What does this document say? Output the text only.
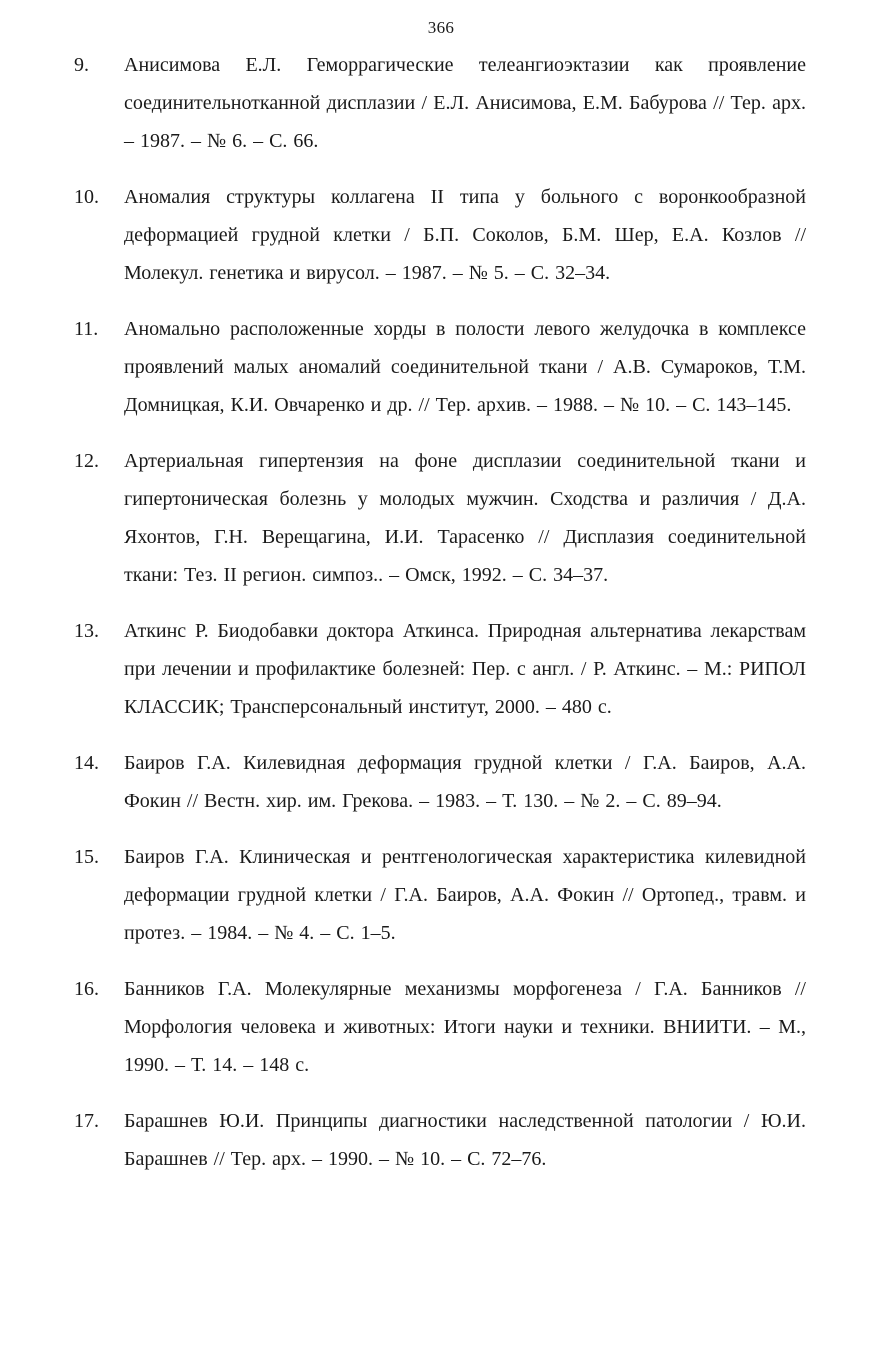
366
9. Анисимова Е.Л. Геморрагические телеангиоэктазии как проявление соединительнотканной дисплазии / Е.Л. Анисимова, Е.М. Бабурова // Тер. арх. – 1987. – № 6. – С. 66.
10. Аномалия структуры коллагена II типа у больного с воронкообразной деформацией грудной клетки / Б.П. Соколов, Б.М. Шер, Е.А. Козлов // Молекул. генетика и вирусол. – 1987. – № 5. – С. 32–34.
11. Аномально расположенные хорды в полости левого желудочка в комплексе проявлений малых аномалий соединительной ткани / А.В. Сумароков, Т.М. Домницкая, К.И. Овчаренко и др. // Тер. архив. – 1988. – № 10. – С. 143–145.
12. Артериальная гипертензия на фоне дисплазии соединительной ткани и гипертоническая болезнь у молодых мужчин. Сходства и различия / Д.А. Яхонтов, Г.Н. Верещагина, И.И. Тарасенко // Дисплазия соединительной ткани: Тез. II регион. симпоз.. – Омск, 1992. – С. 34–37.
13. Аткинс Р. Биодобавки доктора Аткинса. Природная альтернатива лекарствам при лечении и профилактике болезней: Пер. с англ. / Р. Аткинс. – М.: РИПОЛ КЛАССИК; Трансперсональный институт, 2000. – 480 с.
14. Баиров Г.А. Килевидная деформация грудной клетки / Г.А. Баиров, А.А. Фокин // Вестн. хир. им. Грекова. – 1983. – Т. 130. – № 2. – С. 89–94.
15. Баиров Г.А. Клиническая и рентгенологическая характеристика килевидной деформации грудной клетки / Г.А. Баиров, А.А. Фокин // Ортопед., травм. и протез. – 1984. – № 4. – С. 1–5.
16. Банников Г.А. Молекулярные механизмы морфогенеза / Г.А. Банников // Морфология человека и животных: Итоги науки и техники. ВНИИТИ. – М., 1990. – Т. 14. – 148 с.
17. Барашнев Ю.И. Принципы диагностики наследственной патологии / Ю.И. Барашнев // Тер. арх. – 1990. – № 10. – С. 72–76.
